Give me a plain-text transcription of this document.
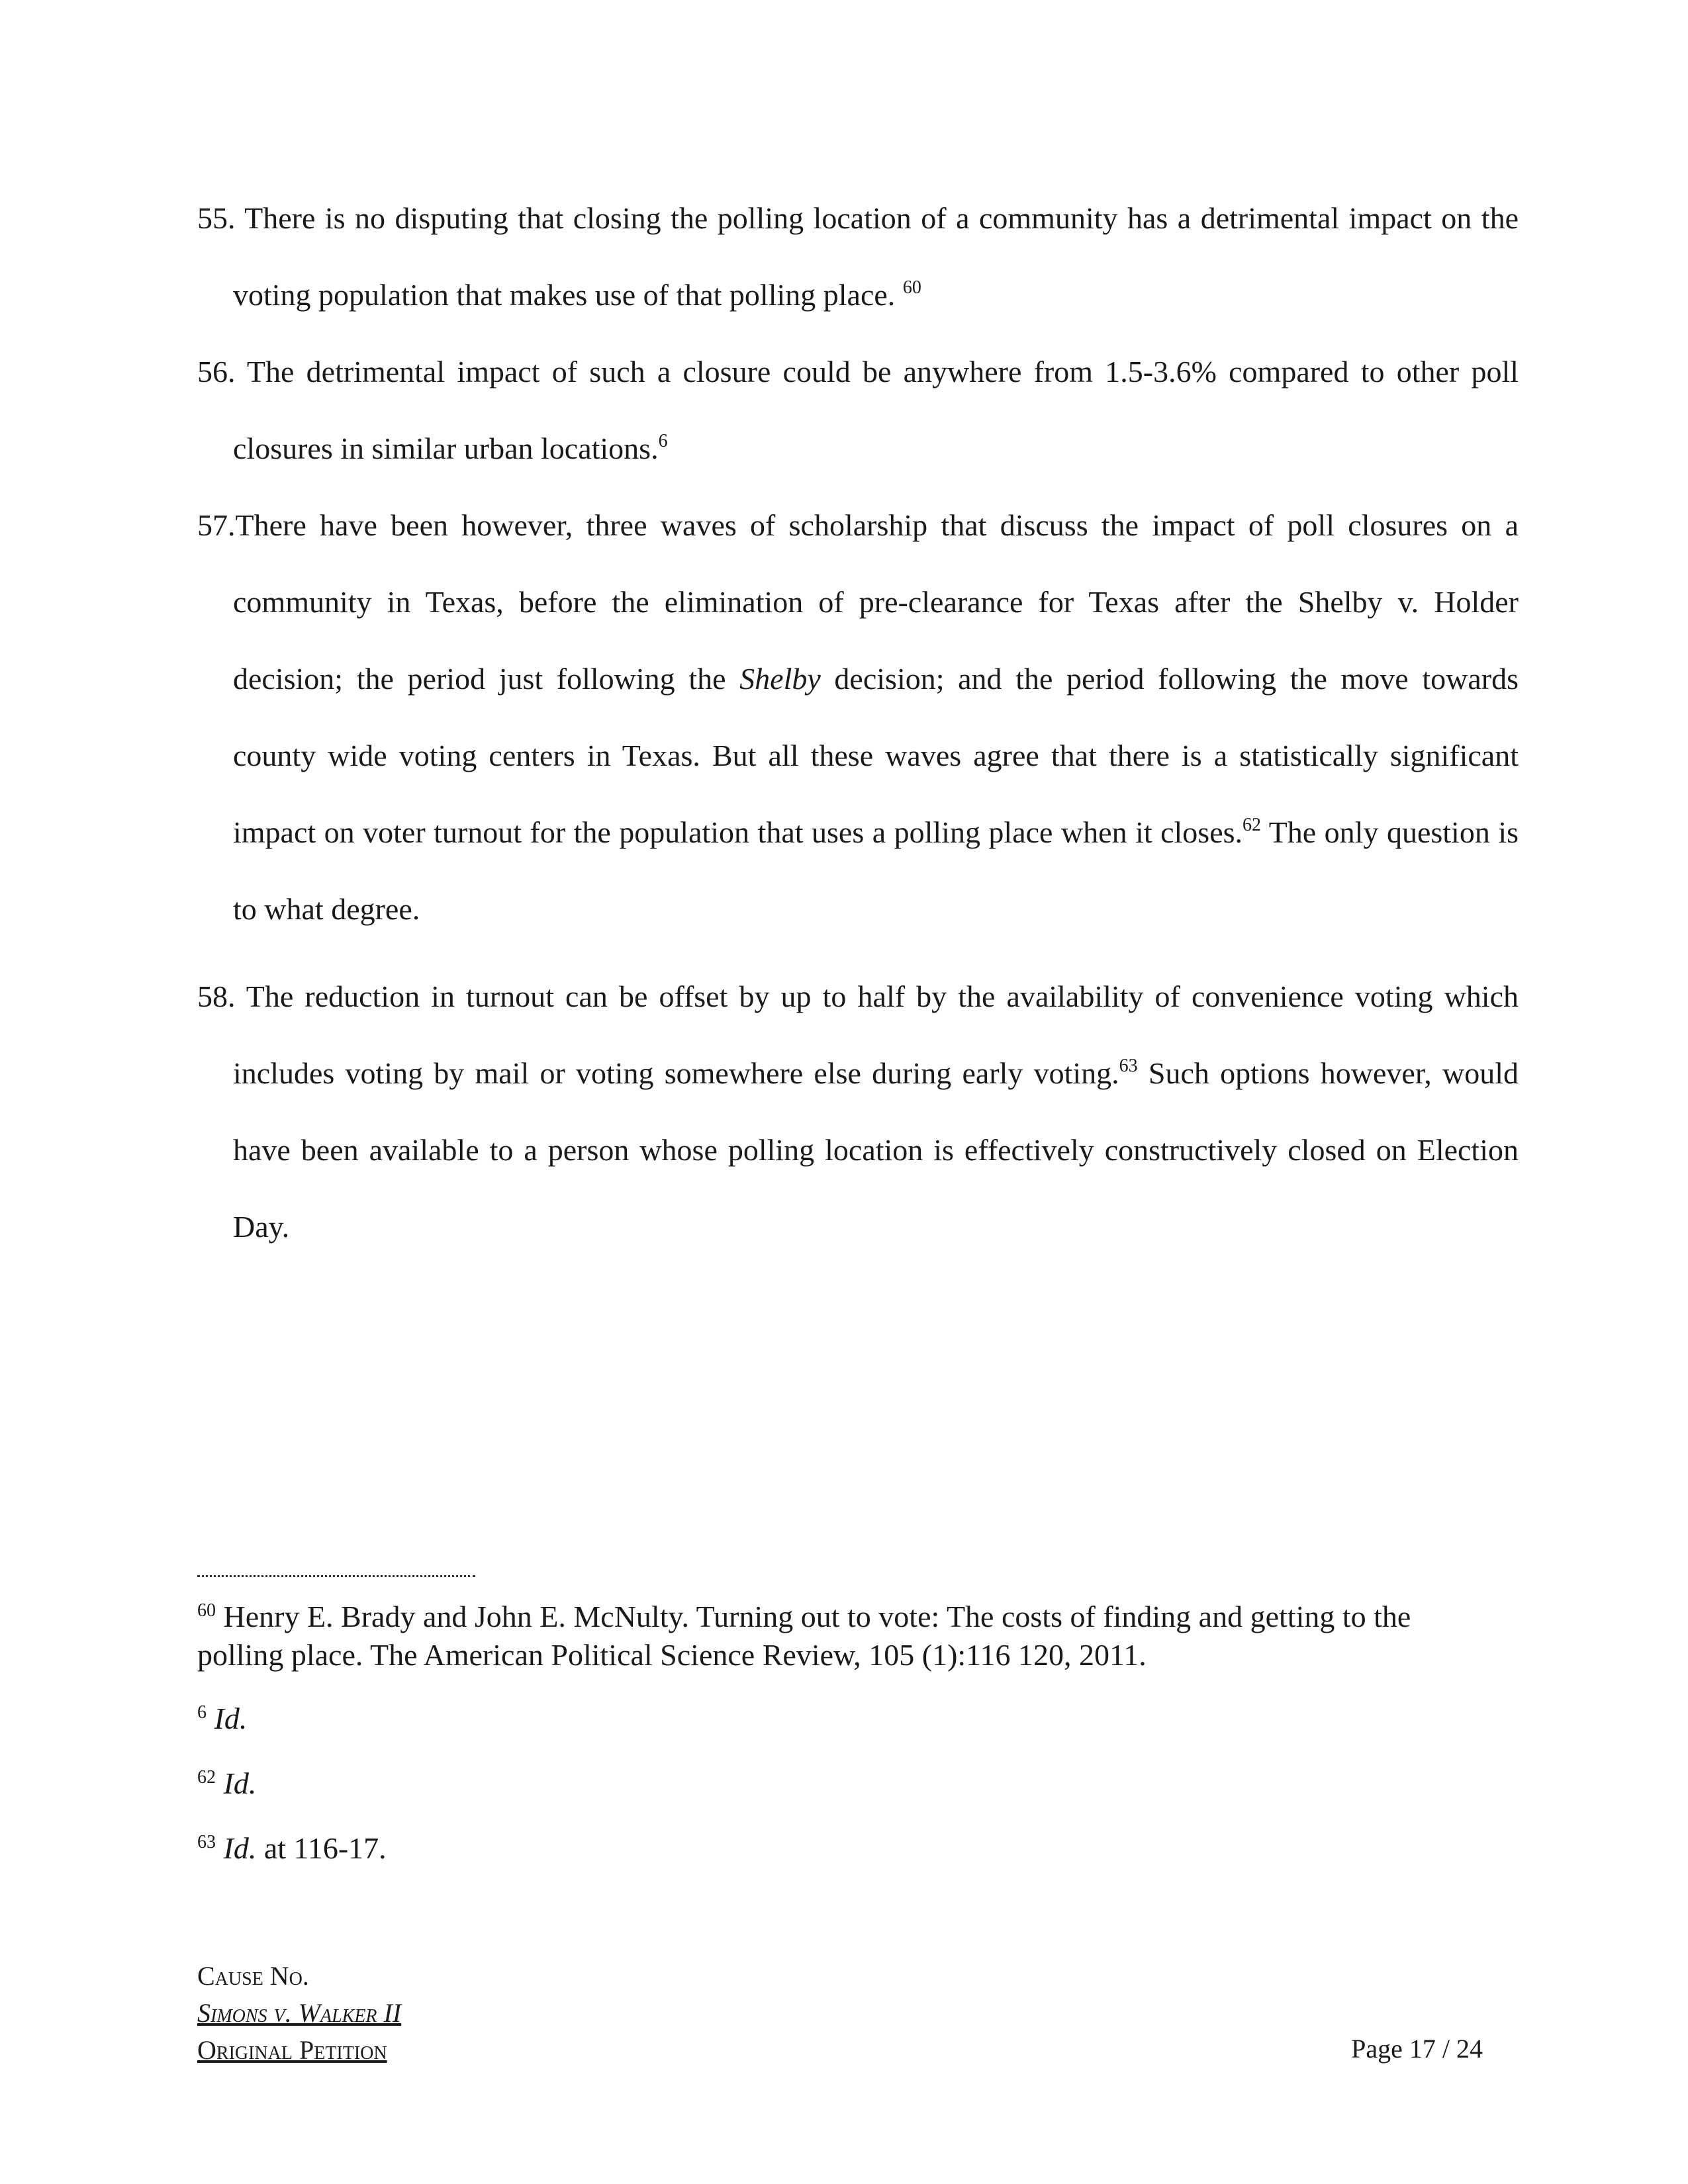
55. There is no disputing that closing the polling location of a community has a detrimental impact on the voting population that makes use of that polling place. $^{60}$

56. The detrimental impact of such a closure could be anywhere from 1.5-3.6% compared to other poll closures in similar urban locations.$^6$

57.There have been however, three waves of scholarship that discuss the impact of poll closures on a community in Texas, before the elimination of pre-clearance for Texas after the Shelby v. Holder decision; the period just following the Shelby decision; and the period following the move towards county wide voting centers in Texas. But all these waves agree that there is a statistically significant impact on voter turnout for the population that uses a polling place when it closes.$^{62}$ The only question is to what degree.

58. The reduction in turnout can be offset by up to half by the availability of convenience voting which includes voting by mail or voting somewhere else during early voting.$^{63}$ Such options however, would have been available to a person whose polling location is effectively constructively closed on Election Day.

$^{60}$ Henry E. Brady and John E. McNulty. Turning out to vote: The costs of finding and getting to the polling place. The American Political Science Review, 105 (1):116 120, 2011.

$^6$ Id.

$^{62}$ Id.

$^{63}$ Id. at 116-17.

Cause No.
Simons v. Walker II
Original Petition	Page 17 / 24
